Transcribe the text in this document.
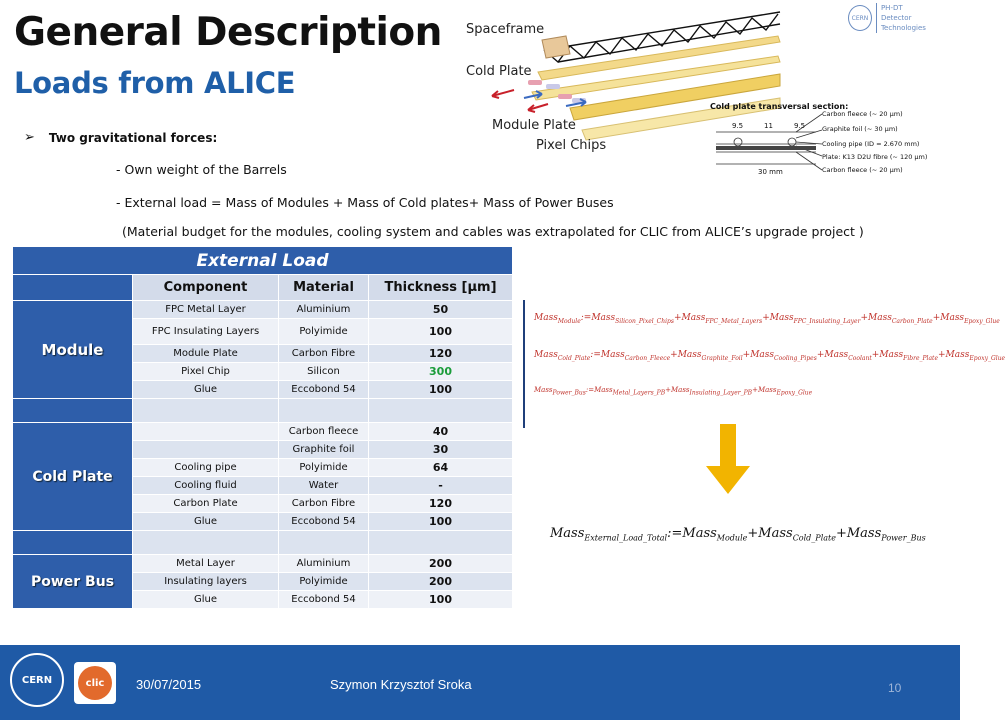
General Description
Loads from ALICE
➢ Two gravitational forces:
- Own weight of the Barrels
- External load = Mass of Modules + Mass of Cold plates+ Mass of Power Buses
(Material budget for the modules, cooling system and cables was extrapolated for CLIC from ALICE’s upgrade project )
Spaceframe
Cold Plate
Module Plate
Pixel Chips
Cold plate transversal section:
9.5	11	9.5
30 mm
Carbon fleece (~ 20 µm)
Graphite foil (~ 30 µm)
Cooling pipe (ID = 2.670 mm)
Plate: K13 D2U fibre (~ 120 µm)
Carbon fleece (~ 20 µm)
CERN
PH-DT
Detector Technologies
External Load			
	Component	Material	Thickness [µm]
Module	FPC Metal Layer	Aluminium	50
	FPC Insulating Layers	Polyimide	100
	Module Plate	Carbon Fibre	120
	Pixel Chip	Silicon	300
	Glue	Eccobond 54	100

Cold Plate		Carbon fleece	40
		Graphite foil	30
	Cooling pipe	Polyimide	64
	Cooling fluid	Water	-
	Carbon Plate	Carbon Fibre	120
	Glue	Eccobond 54	100

Power Bus	Metal Layer	Aluminium	200
	Insulating layers	Polyimide	200
	Glue	Eccobond 54	100
Mass$_{Module}$:=Mass$_{Silicon\_Pixel\_Chips}$+Mass$_{FPC\_Metal\_Layers}$+Mass$_{FPC\_Insulating\_Layer}$+Mass$_{Carbon\_Plate}$+Mass$_{Epoxy\_Glue}$
Mass$_{Cold\_Plate}$:=Mass$_{Carbon\_Fleece}$+Mass$_{Graphite\_Foil}$+Mass$_{Cooling\_Pipes}$+Mass$_{Coolant}$+Mass$_{Fibre\_Plate}$+Mass$_{Epoxy\_Glue}$
Mass$_{Power\_Bus}$:=Mass$_{Metal\_Layers\_PB}$+Mass$_{Insulating\_Layer\_PB}$+Mass$_{Epoxy\_Glue}$
Mass$_{External\_Load\_Total}$:=Mass$_{Module}$+Mass$_{Cold\_Plate}$+Mass$_{Power\_Bus}$
CERN	clic	30/07/2015	Szymon Krzysztof Sroka	10
